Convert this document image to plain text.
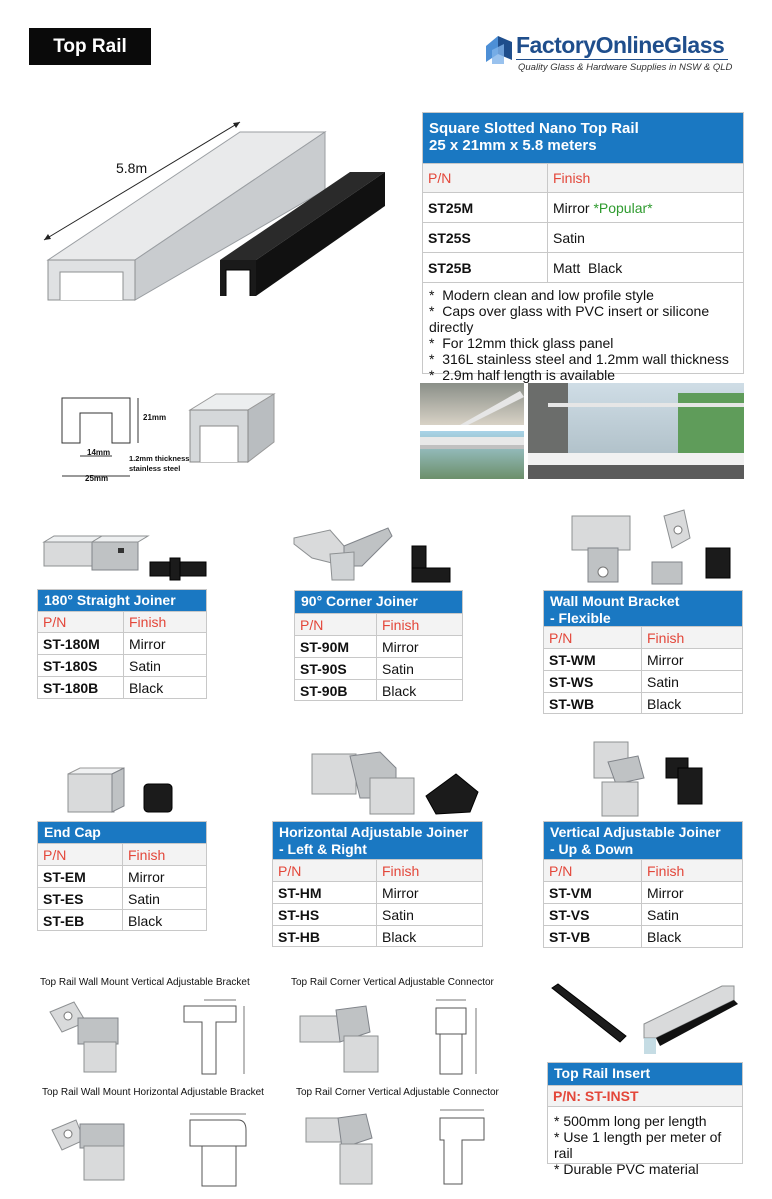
Top Rail	FactoryOnlineGlass
Quality Glass & Hardware Supplies in NSW & QLD
5.8m
21mm
14mm
25mm
1.2mm thickness
stainless steel
Square Slotted Nano Top Rail
25 x 21mm x 5.8 meters
P/N	Finish
ST25M	Mirror
*Popular*
ST25S	Satin
ST25B	Matt  Black
*  Modern clean and low profile style
*  Caps over glass with PVC insert or silicone directly
*  For 12mm thick glass panel
*  316L stainless steel and 1.2mm wall thickness
*  2.9m half length is available
180° Straight Joiner
P/N	Finish
ST-180M	Mirror
ST-180S	Satin
ST-180B	Black
90° Corner Joiner
P/N	Finish
ST-90M	Mirror
ST-90S	Satin
ST-90B	Black
Wall Mount Bracket
- Flexible
P/N	Finish
ST-WM	Mirror
ST-WS	Satin
ST-WB	Black
End Cap
P/N	Finish
ST-EM	Mirror
ST-ES	Satin
ST-EB	Black
Horizontal Adjustable Joiner
- Left & Right
P/N	Finish
ST-HM	Mirror
ST-HS	Satin
ST-HB	Black
Vertical Adjustable Joiner
- Up & Down
P/N	Finish
ST-VM	Mirror
ST-VS	Satin
ST-VB	Black
Top Rail Wall Mount Vertical Adjustable Bracket	Top Rail Corner Vertical Adjustable Connector
Top Rail Wall Mount Horizontal Adjustable Bracket	Top Rail Corner Vertical Adjustable Connector
Top Rail Insert
P/N: ST-INST
* 500mm long per length
* Use 1 length per meter of rail
* Durable PVC material
